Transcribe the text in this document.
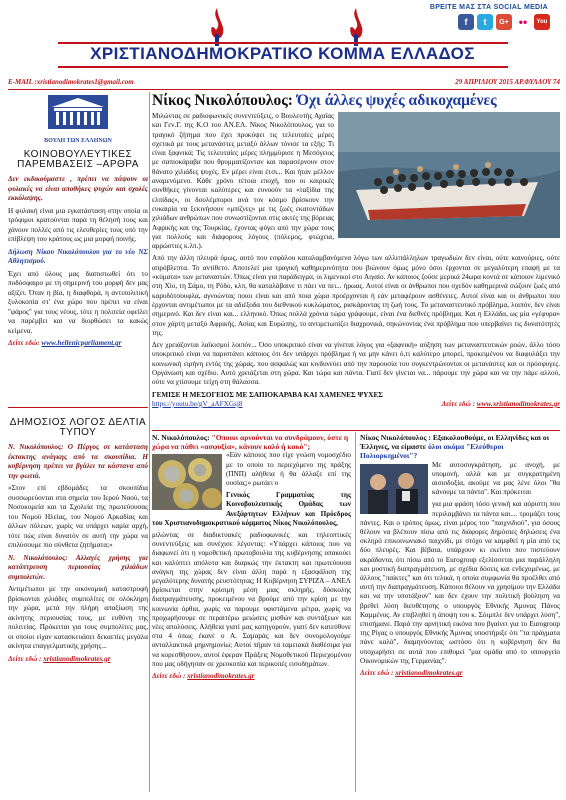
ΒΡΕΙΤΕ ΜΑΣ ΣΤΑ SOCIAL MEDIA
f	t	G+ ••	You
ΧΡΙΣΤΙΑΝΟΔΗΜΟΚΡΑΤΙΚΟ ΚΟΜΜΑ ΕΛΛΑΔΟΣ
E-MAIL :xristianodimokrates1@gmail.com	29 ΑΠΡΙΛΙΟΥ 2015 ΑΡ.ΦΥΛΛΟΥ 74
ΒΟΥΛΗ ΤΩΝ ΕΛΛΗΝΩΝ
ΚΟΙΝΟΒΟΥΛΕΥΤΙΚΕΣ ΠΑΡΕΜΒΑΣΕΙΣ –ΑΡΘΡΑ

Δεν εκδικούμαστε , πρέπει να πάψουν οι φυλακές να είναι αποθήκες ψυχών και σχολές εκκόλαψης.

Η φυλακή είναι μια εγκατάσταση στην οποία οι τρόφιμοι κρατούνται παρά τη θέλησή τους και χάνουν πολλές από τις ελευθερίες τους υπό την επίβλεψη του κράτους ως μια μορφή ποινής.

Δήλωση Νίκου Νικολόπουλου για το νέο ΝΣ Αθλητισμού.

Έχει από όλους μας διαπιστωθεί ότι το ποδόσφαιρο με τη σημερινή του μορφή δεν μας αξίζει. Όταν η βία, η διαφθορά, η αντιπολιτική ξυλοκοπία στ' ένα χώρο που πρέπει να είναι "φάρος" για τους νέους, τότε η πολιτεία οφείλει να παρέμβει και να διορθώσει τα κακώς κείμενα.

Δείτε εδώ: www.hellenicparliament.gr
ΔΗΜΟΣΙΟΣ ΛΟΓΟΣ ΔΕΛΤΙΑ ΤΥΠΟΥ

Ν. Νικολόπουλος: Ο Πέργος σε κατάσταση έκτακτης ανάγκης από τα σκουπίδια. Η κυβέρνηση πρέπει να βγάλει τα κάστανα από την φωτιά.

«Στον επί εβδομάδες τα σκουπίδια συσσωρεύονται στα σημεία του Ιερού Ναού, τα Νοσοκομεία και τα Σχολεία της πρωτεύουσας του Νομού Ηλείας, του Νομού Αρκαδίας και άλλων πόλεων, χωρίς να υπάρχει καμία αρχή, τότε πώς είναι δυνατόν σε αυτή την χώρα να επιλύσουμε πιο σύνθετα ζητήματα;»

Ν. Νικολόπουλος: Αλλαγές χρήσης για κατόπτρευση περιουσίας χιλιάδων συμπολιτών.

Αντιμέτωποι με την οικονομική καταστροφή βρίσκονται χιλιάδες συμπολίτες σε ολόκληρη την χώρα, μετά την πλήρη απαξίωση της ακίνητης περιουσίας τους, με ευθύνη της πολιτείας. Πρόκειται για τους συμπολίτες μας, οι οποίοι είχαν κατασκευάσει δεκαετίες μεγάλα ακίνητα επαγγελματικής χρήσης...

Δείτε εδώ : xristianodimokrates.gr
Νίκος Νικολόπουλος: Όχι άλλες ψυχές αδικοχαμένες

Μιλώντας σε ραδιοφωνικές συνεντεύξεις, ο Βουλευτής Αχαΐας και Γεν.Γ. της Κ.Ο του ΑΝ.ΕΛ. Νίκος Νικολόπουλος, για το τραγικό ζήτημα που έχει προκύψει τις τελευταίες μέρες σχετικά με τους μετανάστες μεταξύ άλλων τόνισε τα εξής: Τι είναι ξαφνικά; Τις τελευταίες μέρες πλημμύρισε η Μεσόγειος με σαπιοκάραβα που θρυμματίζονταν και παρασέρνουν στον θάνατο χιλιάδες ψυχές. Εν μέρει είναι έτσι... Και ήταν μέλλον αναμενόμενο. Κάθε χρόνο τέτοια εποχή, που οι καιρικές συνθήκες γίνονται καλύτερες και ευνοούν τα «ταξίδια της ελπίδας», οι δουλέμποροι ανά τον κόσμο βρίσκουν την ευκαιρία να ξεκινήσουν «μπίζνες» με τις ζωές εκατοντάδων χιλιάδων ανθρώπων που συνωστίζονται στις ακτές της βόρειας Αφρικής και της Τουρκίας, έχοντας φύγει από την χώρα τους για πολλούς και διάφορους λόγους (πόλεμος, φτώχεια, αρρώστιες κ.λπ.).

Από την άλλη πλευρά όμως, αυτό που εσφάλου καταλαμβανόμενα λόγω των αλλεπάλληλων τραγωδιών δεν είναι, ούτε καινούριες, ούτε απρόβλεπτα. Το αντίθετο. Αποτελεί μια τραγική καθημερινότητα που βιώνουν όμως μόνο όσοι έρχονται σε μεγαλύτερη επαφή με τα «κύματα» των μεταναστών. Όπως είναι για παράδειγμα, οι λιμενικοί στο Αιγαίο. Αν κάποιος ζούσε μερικά 24ωρα κοντά σε κάποιον λιμενικό στη Χίο, τη Σάμο, τη Ρόδο, κλπ, θα καταλάβαινε τι πάει να πει... ήρωας. Αυτοί είναι οι άνθρωποι που σχεδόν καθημερινά σώζουν ζωές από καρυδότσουφλα, αγνοώντας ποιοι είναι και από ποια χώρα προέρχονται ή εάν μεταφέρουν ασθένειες. Αυτοί είναι και οι άνθρωποι που έρχονται αντιμέτωποι με τα αδιέξοδα του διεθνικού κυκλώματος, ρισκάροντας τη ζωή τους. Το μεταναστευτικό πρόβλημα, λοιπόν, δεν είναι σημερινό. Και δεν είναι και... ελληνικό. Όπως πολλά χρόνια τώρα γράφουμε, είναι ένα διεθνές πρόβλημα. Και η Ελλάδα, ως μία «γέφυρα» στον χάρτη μεταξύ Αφρικής, Ασίας και Ευρώπης, το αντιμετωπίζει διαχρονικά, σηκώνοντας ένα πρόβλημα που υπερβαίνει τις δυνατότητές της.

Δεν χρειάζονται λαϊκισμοί λοιπόν... Όσο υποκριτικό είναι να γίνεται λόγος για «ξαφνική» αύξηση των μεταναστευτικών ροών, άλλο τόσο υποκριτικό είναι να παριστάνει κάποιος ότι δεν υπάρχει πρόβλημα ή να μην κάνει ό,τι καλύτερο μπορεί, προκειμένου να διαφυλάξει την κοινωνική ειρήνη εντός της χώρας, που ασφαλώς και κινδυνεύει από την παρουσία του συγκεντρώνονται οι μετανάστες και οι πρόσφυγες. Οργάνωση και σχέδιο. Αυτό χρειάζεται στη χώρα. Και τώρα και πάντα. Γιατί δεν γίνεται να... πάρουμε την χώρα και να την πάμε αλλού, ούτε να χτίσουμε τείχη στη θάλασσα.

ΓΕΜΙΣΕ Η ΜΕΣΟΓΕΙΟΣ ΜΕ ΣΑΠΙΟΚΑΡΑΒΑ ΚΑΙ ΧΑΜΕΝΕΣ ΨΥΧΕΣ
https://youtu.be/gV_aAFXGsj8	Δείτε εδώ : www.xristianodimokrates.gr
Ν. Νικολόπουλος: "Οποιοι αρνούνται να συνδράμουν, όστε η χώρα να πάθει «ασφυξία», κάνουν καλό ή κακό";

«Εάν κάποιος που είχε γνώση νομοσχέδιο με το οποίο το περιεχόμενο της πράξης (ΠΝΠ) αλήθεια ή θα άλλαζε επί της ουσίας;» ρωτάει ο

Γενικός Γραμματέας της Κοινοβουλευτικής Ομάδας των Ανεξάρτητων Ελλήνων και Πρόεδρος του Χριστιανοδημοκρατικού κόμματος Νίκος Νικολόπουλος,

μιλώντας σε διαδικτυακές ραδιοφωνικές και τηλεοπτικές συνεντεύξεις και συνέχισε λέγοντας: «Υπάρχει κάποιος που να διαφωνεί ότι η νομοθετική πρωτοβουλία της κυβέρνησης υπακούει και καλύπτει απόλυτα και διαρκώς την έκτακτη και πρωτεύουσα ανάγκη της χώρας δεν είναι άλλη παρά η εξασφάλιση της μεγαλύτερης δυνατής ρευστότητας; Η Κυβέρνηση ΣΥΡΙΖΑ – ΑΝΕΛ βρίσκεται στην κρίσιμη μέση μιας σκληρής, δύσκολης διαπραγμάτευσης, προκειμένου να βρούμε από την κρίση με την κοινωνία όρθια, χωρίς να παρουμε υφιστάμενα μέτρα, χωρίς να προχωρήσουμε σε περαιτέρω μειώσεις μισθών και συντάξεων και νέες απολύσεις. Αλήθεια γιατί μας κατηγορούν, γιατί δεν κατεύθυνε στα 4 όπως έκανε ο Α. Σαμαράς και δεν συνομολογούμε ανταλλακτικά μημνημονίω; Αυτοί πήραν τα ταμειακά διαθέσιμα για να κορεσθήσουν, αυτοί έφεραν Πράξεις Νομοθετικού Περιεχομένου που μας οδήγησαν σε χρεοκοπία και περικοπές εισοδημάτων.

Δείτε εδώ : xristianodimokrates.gr
Νίκος Νικολόπουλος : Εξακολουθούμε, οι Ελληνίδες και οι Έλληνες, να είμαστε όλοι ακόμα "Ελεύθεροι Πολιορκημένοι"?

Με αυτοσυγκράτηση, με ανοχή, με υπομονή, αλλά και με συγκρατημένη αισιοδοξία, ακούμε να μας λένε όλοι "θα κάνουμε τα πάντα". Και πρόκειται

για μια φράση τόσο γενική και αόριστη που περιλαμβάνει τα πάντα και.... τρομάζει τους πάντες. Και ο τρόπος όμως, είναι μέρος του "παιχνιδιού", για όσους θέλουν να βλέπουν πίσω από τις διάφορες δημόσιες δηλώσεις ένα σκληρό επικοινωνιακό παιχνίδι, με στόχο να καμφθεί η μία από τις δύο πλευρές. Και βέβαια, υπάρχουν κι εκείνοι που πιστεύουν ακράδαντα, ότι πίσω από το Eurogroup εξελίσσεται μια παράλληλη και μυστική διαπραγμάτευση, με σχέδια δόσεις και ενδεχομένως, με άλλους "παίκτες" και ότι τελικά, η οποία συμφωνία θα προέλθει από αυτή την διαπραγμάτευση. Κάποιοι θέλουν να χρησίμου την Ελλάδα και να την υποτάξουν" και δεν έχουν την πολιτική βούληση να βρεθεί λύση διευθέτησης ο υπουργός Εθνικής Άμυνας Πάνος Καμμένος. Αν επιβληθεί η άποψη του κ. Σόιμπλε δεν υπάρχει λύση", επισήμανε. Παρά την αρνητική εικόνα που βγαίνει για το Eurogroup της Ρίγας ο υπουργός Εθνικής Άμυνας υποστήριξε ότι "τα πράγματα πάνε καλά", διαμηνύοντας ωστόσο ότι η κυβέρνηση δεν θα υποχωρήσει σε αυτά που επιθυμεί "μια ομάδα από το υπουργείο Οικονομικών της Γερμανίας".

Δείτε εδώ : xristianodimokrates.gr
